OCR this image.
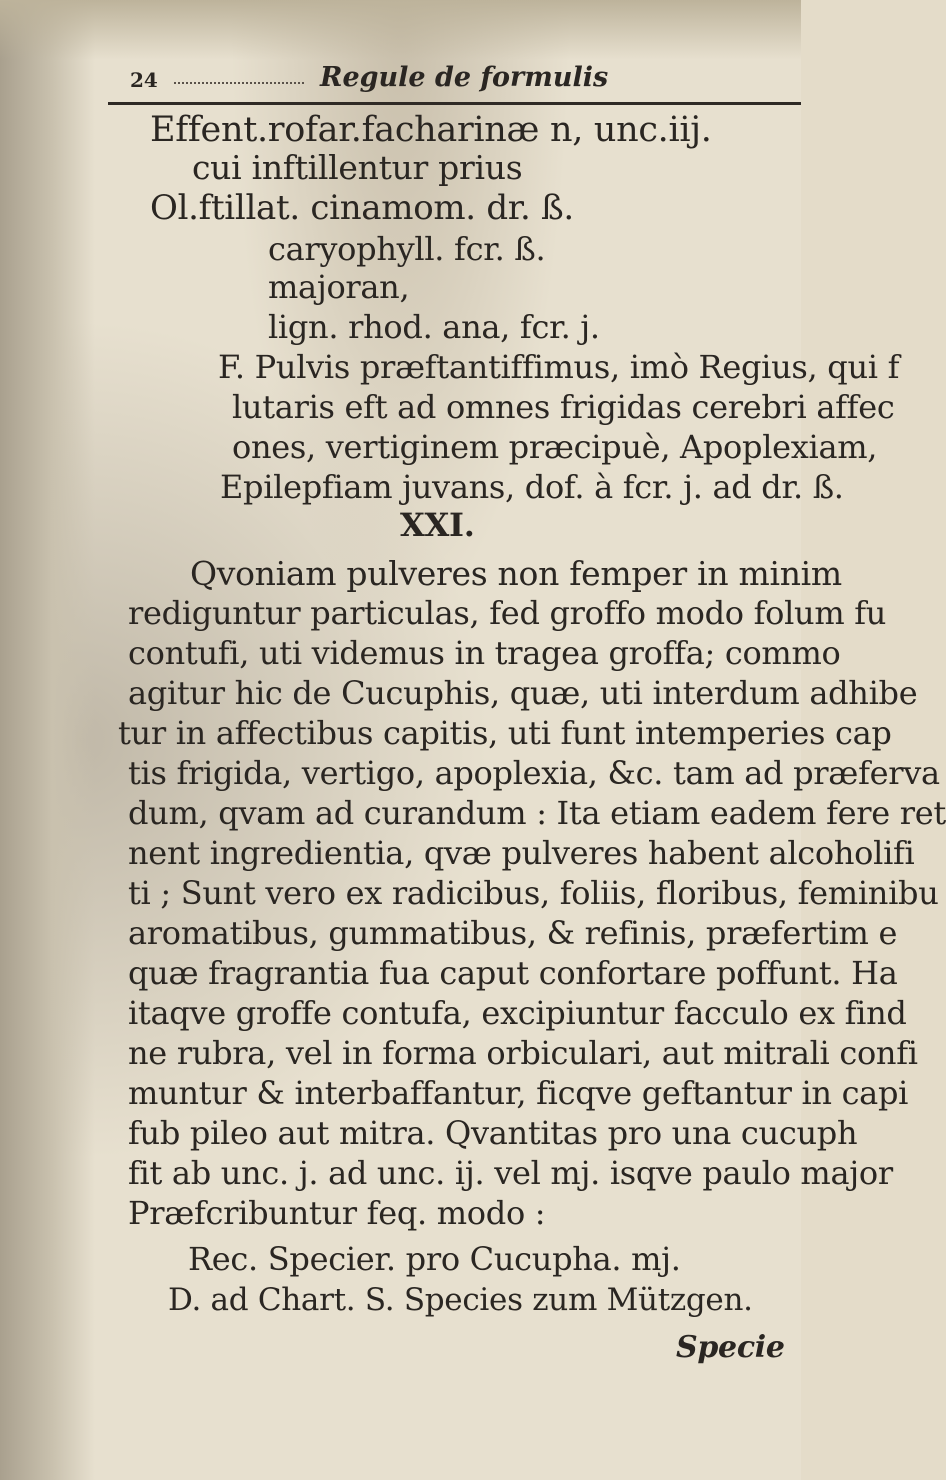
24	Regule de formulis
Effent.rofar.facharinæ n, unc.iij.
cui inftillentur prius
Ol.ftillat. cinamom. dr. ß.
caryophyll. fcr. ß.
majoran,
lign. rhod. ana, fcr. j.
F. Pulvis præftantiffimus, imò Regius, qui f
lutaris eft ad omnes frigidas cerebri affec
ones, vertiginem præcipuè, Apoplexiam,
Epilepfiam juvans, dof. à fcr. j. ad dr. ß.
XXI.
Qvoniam pulveres non femper in minim
rediguntur particulas, fed groffo modo folum fu
contufi, uti videmus in tragea groffa; commo
agitur hic de Cucuphis, quæ, uti interdum adhibe
tur in affectibus capitis, uti funt intemperies cap
tis frigida, vertigo, apoplexia, &c. tam ad præferva
dum, qvam ad curandum : Ita etiam eadem fere ret
nent ingredientia, qvæ pulveres habent alcoholifi
ti ; Sunt vero ex radicibus, foliis, floribus, feminibu
aromatibus, gummatibus, & refinis, præfertim e
quæ fragrantia fua caput confortare poffunt. Ha
itaqve groffe contufa, excipiuntur facculo ex find
ne rubra, vel in forma orbiculari, aut mitrali confi
muntur & interbaffantur, ficqve geftantur in capi
fub pileo aut mitra. Qvantitas pro una cucuph
fit ab unc. j. ad unc. ij. vel mj. isqve paulo major
Præfcribuntur feq. modo :
Rec. Specier. pro Cucupha. mj.
D. ad Chart. S. Species zum Mützgen.
Specie
